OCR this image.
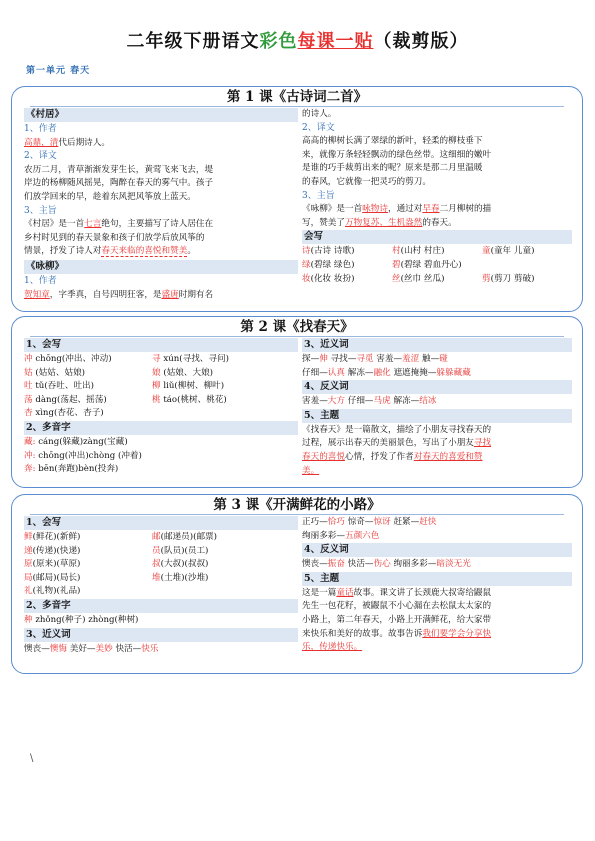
二年级下册语文彩色每课一贴（裁剪版）
第一单元 春天
第 1 课《古诗词二首》
《村居》
1、作者
高鼎，清代后期诗人。
2、译文
农历二月，青草渐渐发芽生长，黄莺飞来飞去，堤
岸边的杨柳随风摇晃，陶醉在春天的雾气中。孩子
们放学回来的早，趁着东风把风筝放上蓝天。
3、主旨
《村居》是一首七言绝句，主要描写了诗人居住在
乡村时见到的春天景象和孩子们放学后放风筝的
情景，抒发了诗人对春天来临的喜悦和赞美。
《咏柳》
1、作者
贺知章，字季真，自号四明狂客，是盛唐时期有名
的诗人。
2、译文
高高的柳树长满了翠绿的新叶，轻柔的柳枝垂下
来，就像万条轻轻飘动的绿色丝带。这细细的嫩叶
是谁的巧手裁剪出来的呢？原来是那二月里温暖
的春风，它就像一把灵巧的剪刀。
3、主旨
《咏柳》是一首咏物诗，通过对早春二月柳树的描
写，赞美了万物复苏、生机盎然的春天。
会写
诗(古诗 诗歌)	村(山村 村庄)	童(童年 儿童)
绿(碧绿 绿色)	碧(碧绿 碧血丹心)
妆(化妆 妆扮)	丝(丝巾 丝瓜)	剪(剪刀 剪破)
第 2 课《找春天》
1、会写
冲 chōng(冲出、冲动)	寻 xún(寻找、寻问)
姑 (姑姑、姑娘)	娘 (姑娘、大娘)
吐 tǔ(吞吐、吐出)	柳 liǔ(柳树、柳叶)
荡 dàng(荡起、摇荡)	桃 táo(桃树、桃花)
杏 xìng(杏花、杏子)
2、多音字
藏: cáng(躲藏)zàng(宝藏)
冲: chōng(冲出)chòng (冲着)
奔: bēn(奔跑)bèn(投奔)
3、近义词
探—伸 寻找—寻觅 害羞—羞涩 触—碰
仔细—认真 解冻—融化 遮遮掩掩—躲躲藏藏
4、反义词
害羞—大方 仔细—马虎 解冻—结冰
5、主题
《找春天》是一篇散文，描绘了小朋友寻找春天的
过程，展示出春天的美丽景色，写出了小朋友寻找
春天的喜悦心情，抒发了作者对春天的喜爱和赞
美。
第 3 课《开满鲜花的小路》
1、会写
鲜(鲜花)(新鲜)	邮(邮递员)(邮票)
递(传递)(快递)	员(队员)(员工)
原(原来)(草原)	叔(大叔)(叔叔)
局(邮局)(局长)	堆(土堆)(沙堆)
礼(礼物)(礼品)
2、多音字
种 zhǒng(种子) zhòng(种树)
3、近义词
懊丧—懊悔 美好—美妙 快活—快乐
正巧—恰巧 惊奇—惊讶 赶紧—赶快
绚丽多彩—五颜六色
4、反义词
懊丧—振奋 快活—伤心 绚丽多彩—暗淡无光
5、主题
这是一篇童话故事。课文讲了长颈鹿大叔寄给鼹鼠
先生一包花籽，被鼹鼠不小心漏在去松鼠太太家的
小路上，第二年春天，小路上开满鲜花，给大家带
来快乐和美好的故事。故事告诉我们要学会分享快
乐，传递快乐。
\
